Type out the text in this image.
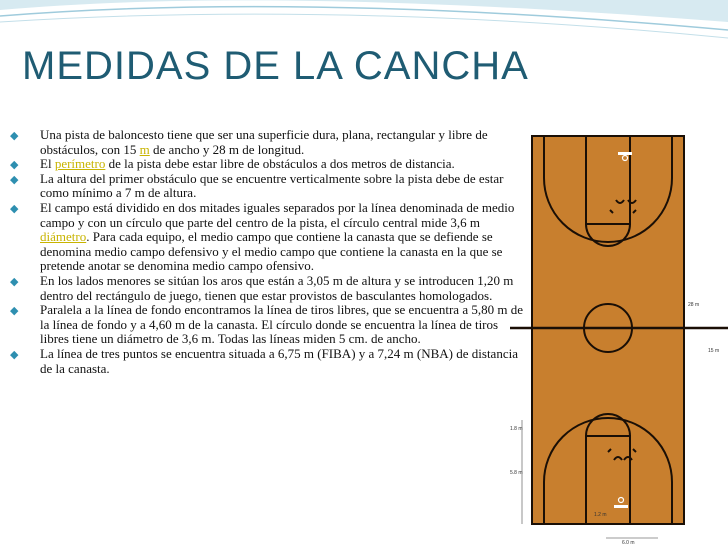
MEDIDAS DE LA CANCHA
◆ Una pista de baloncesto tiene que ser una superficie dura, plana, rectangular y libre de obstáculos, con 15 m de ancho y 28 m de longitud.
◆ El perímetro de la pista debe estar libre de obstáculos a dos metros de distancia.
◆ La altura del primer obstáculo que se encuentre verticalmente sobre la pista debe de estar como mínimo a 7 m de altura.
◆ El campo está dividido en dos mitades iguales separados por la línea denominada de medio campo y con un círculo que parte del centro de la pista, el círculo central mide 3,6 m diámetro. Para cada equipo, el medio campo que contiene la canasta que se defiende se denomina medio campo defensivo y el medio campo que contiene la canasta en la que se pretende anotar se denomina medio campo ofensivo.
◆ En los lados menores se sitúan los aros que están a 3,05 m de altura y se introducen 1,20 m dentro del rectángulo de juego, tienen que estar provistos de basculantes homologados.
◆ Paralela a la línea de fondo encontramos la línea de tiros libres, que se encuentra a 5,80 m de la línea de fondo y a 4,60 m de la canasta. El círculo donde se encuentra la línea de tiros libres tiene un diámetro de 3,6 m. Todas las líneas miden 5 cm. de ancho.
◆ La línea de tres puntos se encuentra situada a 6,75 m (FIBA) y a 7,24 m (NBA) de distancia de la canasta.
28 m
15 m
1.8 m
5.8 m
1.2 m
6.0 m
